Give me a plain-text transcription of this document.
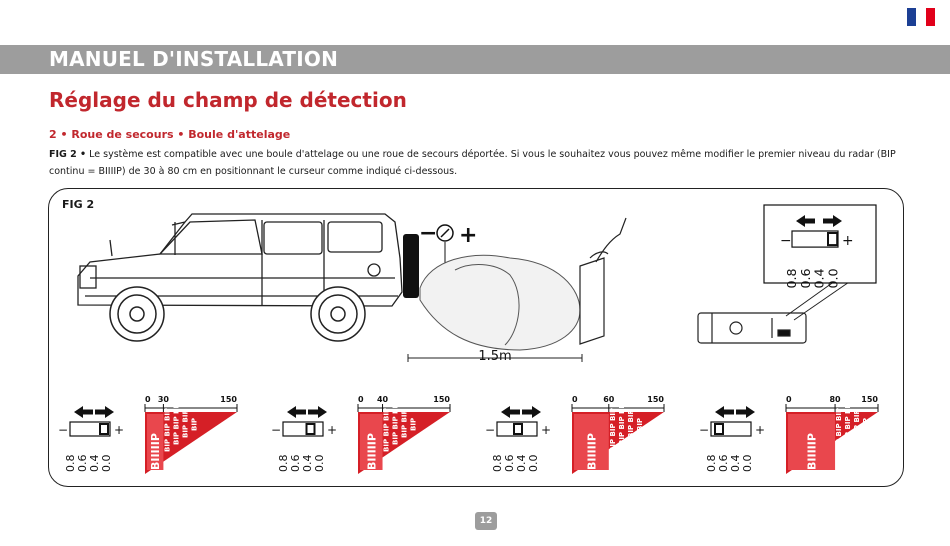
MANUEL D'INSTALLATION
Réglage du champ de détection
2 • Roue de secours • Boule d'attelage
FIG 2 • Le système est compatible avec une boule d'attelage ou une roue de secours déportée. Si vous le souhaitez vous pouvez même modifier le premier niveau du radar (BIP continu = BIIIIP) de 30 à 80 cm en positionnant le curseur comme indiqué ci-dessous.
FIG 2
− +
1.5m
−	+
0.8
0.6
0.4
0.0
−	+
0.8 0.6 0.4 0.0
0 30	150
BIIIIIP BIP BIP BIP BIP BIP BIP BIP BIP BIP	−	+
0.8 0.6 0.4 0.0
0 40	150
BIIIIIP BIP BIP BIP BIP BIP BIP BIP BIP BIP	−	+
0.8 0.6 0.4 0.0
0	60	150
BIIIIIP BIP BIP BIP BIP BIP BIP BIP BIP BIP	−	+
0.8 0.6 0.4 0.0
0	80	150
BIIIIIP BIP BIP BIP BIP BIP BIP BIP BIP BIP
12
